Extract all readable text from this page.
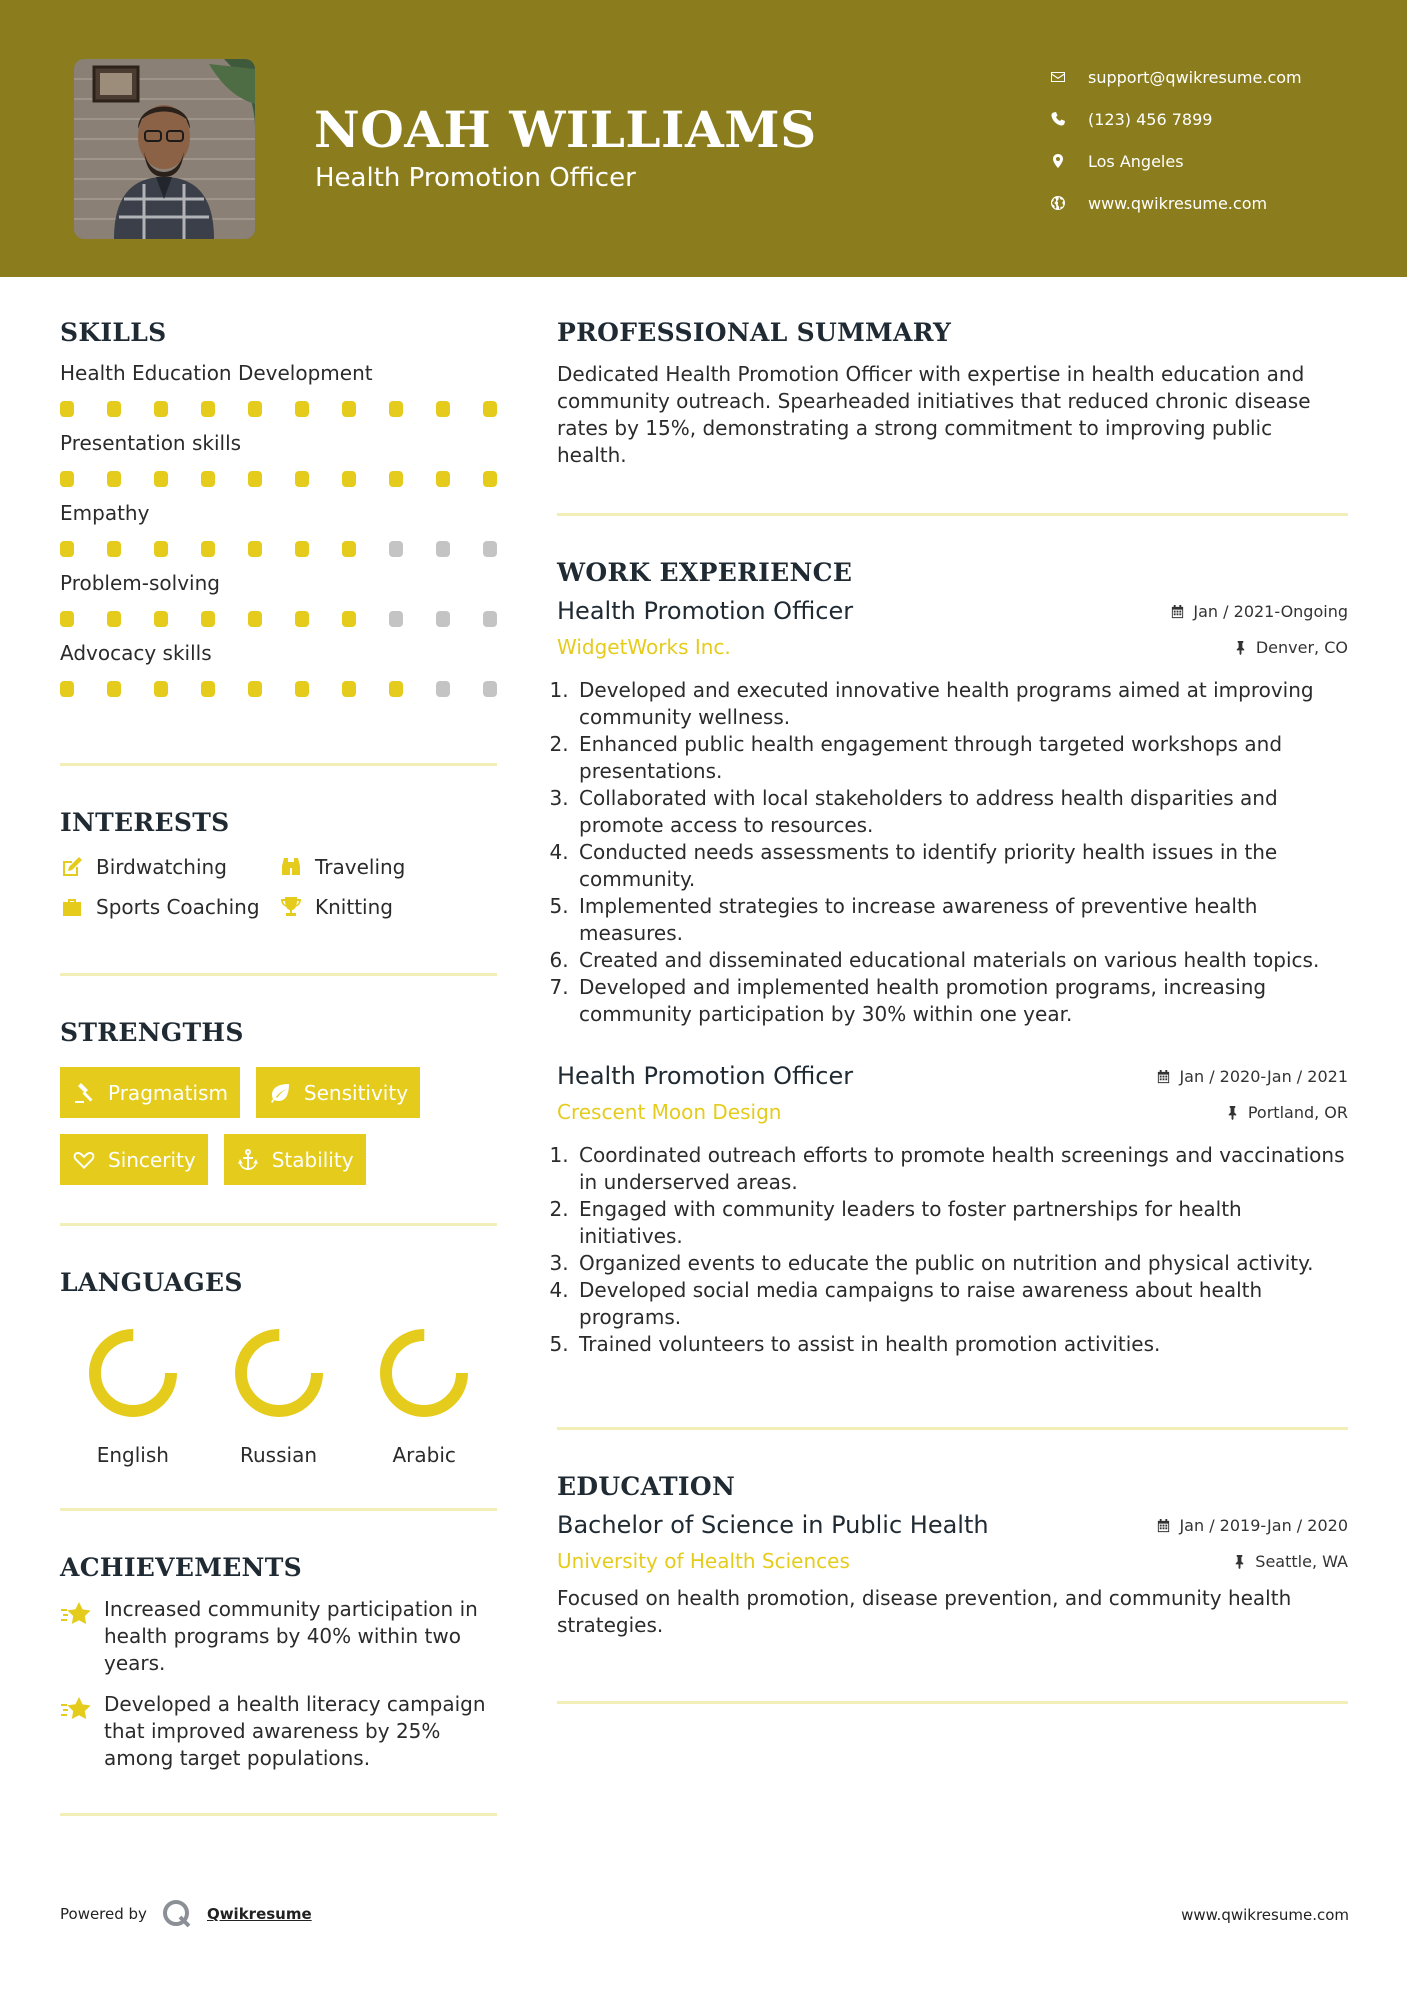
NOAH WILLIAMS
Health Promotion Officer
support@qwikresume.com
(123) 456 7899
Los Angeles
www.qwikresume.com
SKILLS
Health Education Development
Presentation skills
Empathy
Problem-solving
Advocacy skills
INTERESTS
Birdwatching	Traveling
Sports Coaching	Knitting
STRENGTHS
Pragmatism	Sensitivity
Sincerity	Stability
LANGUAGES
English	Russian	Arabic
ACHIEVEMENTS
Increased community participation in health programs by 40% within two years.
Developed a health literacy campaign that improved awareness by 25% among target populations.
PROFESSIONAL SUMMARY
Dedicated Health Promotion Officer with expertise in health education and community outreach. Spearheaded initiatives that reduced chronic disease rates by 15%, demonstrating a strong commitment to improving public health.
WORK EXPERIENCE
Health Promotion Officer	Jan / 2021-Ongoing
WidgetWorks Inc.	Denver, CO
1. Developed and executed innovative health programs aimed at improving community wellness.
2. Enhanced public health engagement through targeted workshops and presentations.
3. Collaborated with local stakeholders to address health disparities and promote access to resources.
4. Conducted needs assessments to identify priority health issues in the community.
5. Implemented strategies to increase awareness of preventive health measures.
6. Created and disseminated educational materials on various health topics.
7. Developed and implemented health promotion programs, increasing community participation by 30% within one year.
Health Promotion Officer	Jan / 2020-Jan / 2021
Crescent Moon Design	Portland, OR
1. Coordinated outreach efforts to promote health screenings and vaccinations in underserved areas.
2. Engaged with community leaders to foster partnerships for health initiatives.
3. Organized events to educate the public on nutrition and physical activity.
4. Developed social media campaigns to raise awareness about health programs.
5. Trained volunteers to assist in health promotion activities.
EDUCATION
Bachelor of Science in Public Health	Jan / 2019-Jan / 2020
University of Health Sciences	Seattle, WA
Focused on health promotion, disease prevention, and community health strategies.
Powered by	Qwikresume	www.qwikresume.com
